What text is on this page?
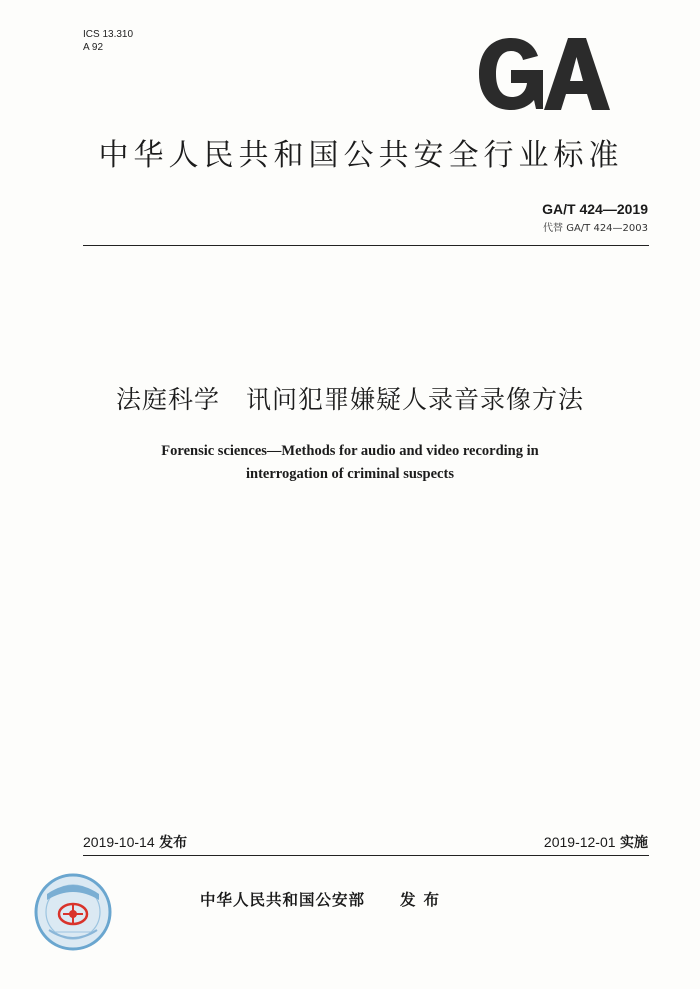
ICS 13.310
A 92
中华人民共和国公共安全行业标准
GA/T 424—2019
代替 GA/T 424—2003
法庭科学　讯问犯罪嫌疑人录音录像方法
Forensic sciences—Methods for audio and video recording in
interrogation of criminal suspects
2019-10-14 发布	2019-12-01 实施
中华人民共和国公安部 发布
